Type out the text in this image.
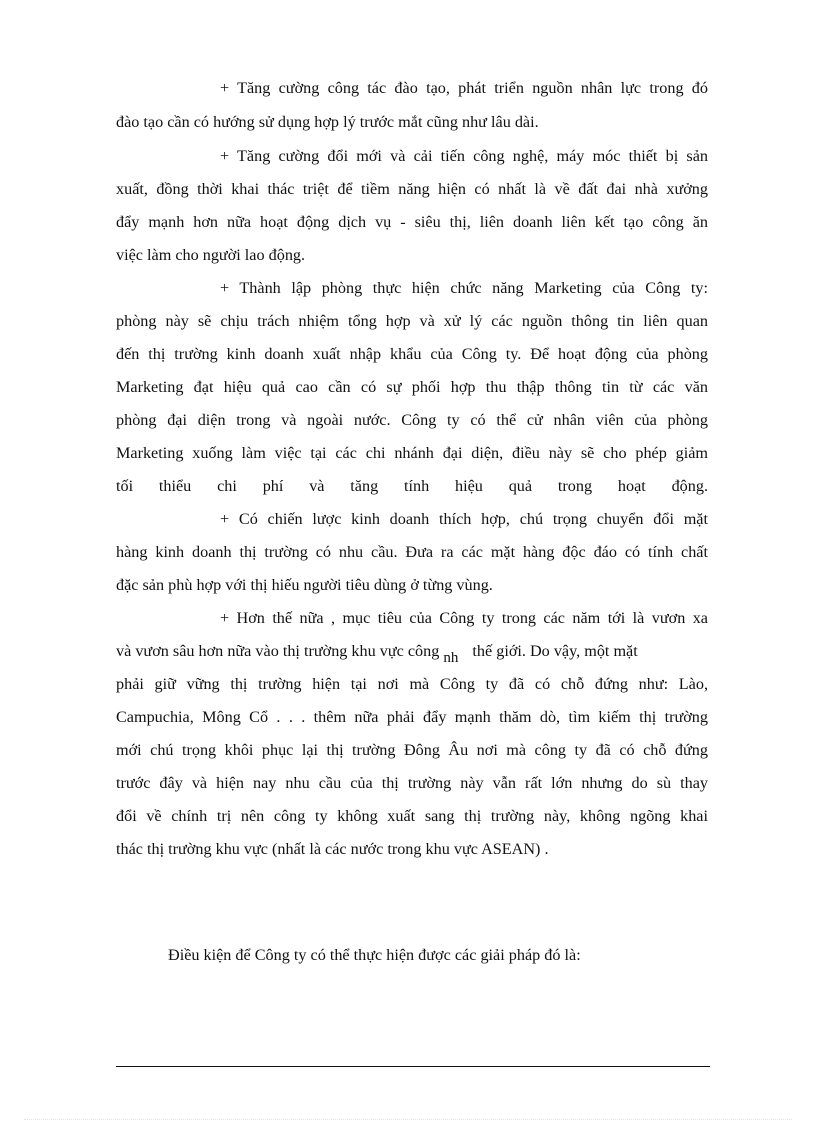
+ Tăng cường công tác đào tạo, phát triển nguồn nhân lực trong đó
đào tạo cần có hướng sử dụng hợp lý trước mắt cũng như lâu dài.
+ Tăng cường đổi mới và cải tiến công nghệ, máy móc thiết bị sản
xuất, đồng thời khai thác triệt để tiềm năng hiện có nhất là về đất đai nhà xưởng
đẩy mạnh hơn nữa hoạt động dịch vụ - siêu thị, liên doanh liên kết tạo công ăn
việc làm cho người lao động.
+ Thành lập phòng thực hiện chức năng Marketing của Công ty:
phòng này sẽ chịu trách nhiệm tổng hợp và xử lý các nguồn thông tin liên quan
đến thị trường kinh doanh xuất nhập khẩu của Công ty. Để hoạt động của phòng
Marketing đạt hiệu quả cao cần có sự phối hợp thu thập thông tin từ các văn
phòng đại diện trong và ngoài nước. Công ty có thể cử nhân viên của phòng
Marketing xuống làm việc tại các chi nhánh đại diện, điều này sẽ cho phép giảm
tối thiểu chi phí và tăng tính hiệu quả trong hoạt động.
+ Có chiến lược kinh doanh thích hợp, chú trọng chuyển đổi mặt
hàng kinh doanh thị trường có nhu cầu. Đưa ra các mặt hàng độc đáo có tính chất
đặc sản phù hợp với thị hiếu người tiêu dùng ở từng vùng.
+ Hơn thế nữa , mục tiêu của Công ty trong các năm tới là vươn xa
và vươn sâu hơn nữa vào thị trường khu vực công nh thế giới. Do vậy, một mặt
phải giữ vững thị trường hiện tại nơi mà Công ty đã có chỗ đứng như: Lào,
Campuchia, Mông Cổ . . . thêm nữa phải đẩy mạnh thăm dò, tìm kiếm thị trường
mới chú trọng khôi phục lại thị trường Đông Âu nơi mà công ty đã có chỗ đứng
trước đây và hiện nay nhu cầu của thị trường này vẫn rất lớn nhưng do sù thay
đổi về chính trị nên công ty không xuất sang thị trường này, không ngõng khai
thác thị trường khu vực (nhất là các nước trong khu vực ASEAN) .
Điều kiện để Công ty có thể thực hiện được các giải pháp đó là:
